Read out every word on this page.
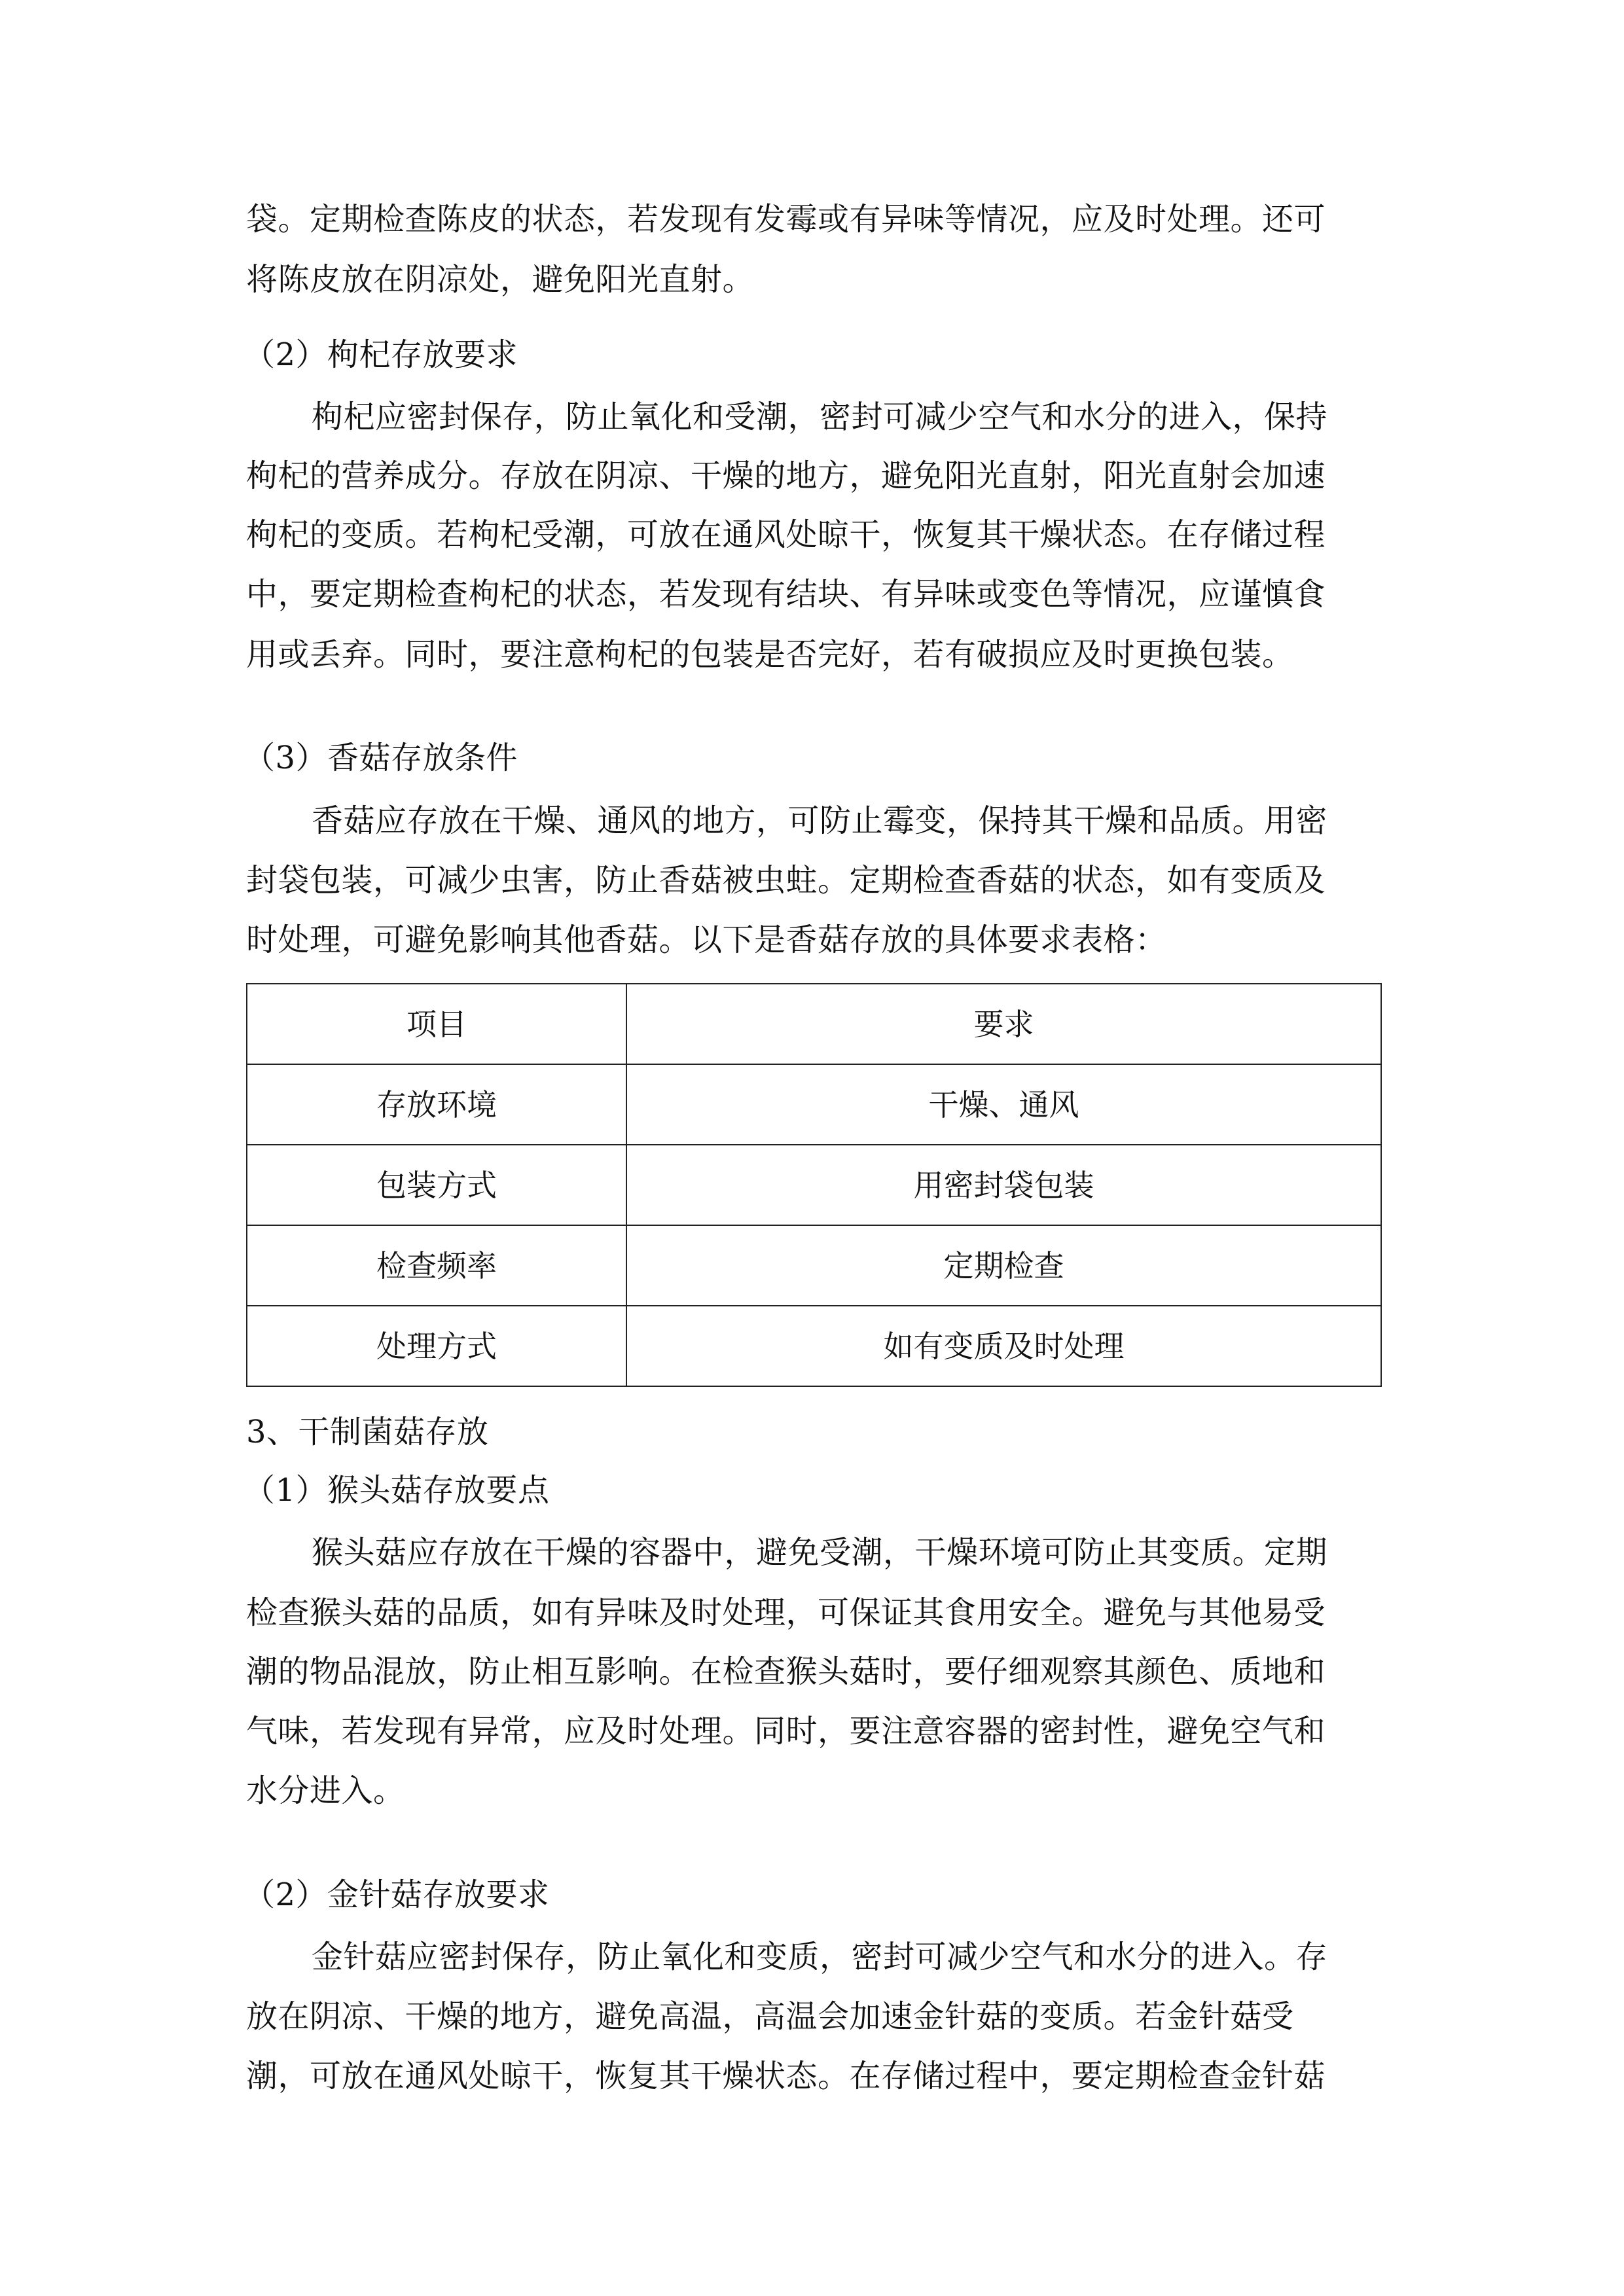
袋。定期检查陈皮的状态，若发现有发霉或有异味等情况，应及时处理。还可
将陈皮放在阴凉处，避免阳光直射。
（2）枸杞存放要求
枸杞应密封保存，防止氧化和受潮，密封可减少空气和水分的进入，保持
枸杞的营养成分。存放在阴凉、干燥的地方，避免阳光直射，阳光直射会加速
枸杞的变质。若枸杞受潮，可放在通风处晾干，恢复其干燥状态。在存储过程
中，要定期检查枸杞的状态，若发现有结块、有异味或变色等情况，应谨慎食
用或丢弃。同时，要注意枸杞的包装是否完好，若有破损应及时更换包装。
（3）香菇存放条件
香菇应存放在干燥、通风的地方，可防止霉变，保持其干燥和品质。用密
封袋包装，可减少虫害，防止香菇被虫蛀。定期检查香菇的状态，如有变质及
时处理，可避免影响其他香菇。以下是香菇存放的具体要求表格：
项目	要求
存放环境	干燥、通风
包装方式	用密封袋包装
检查频率	定期检查
处理方式	如有变质及时处理
3、干制菌菇存放
（1）猴头菇存放要点
猴头菇应存放在干燥的容器中，避免受潮，干燥环境可防止其变质。定期
检查猴头菇的品质，如有异味及时处理，可保证其食用安全。避免与其他易受
潮的物品混放，防止相互影响。在检查猴头菇时，要仔细观察其颜色、质地和
气味，若发现有异常，应及时处理。同时，要注意容器的密封性，避免空气和
水分进入。
（2）金针菇存放要求
金针菇应密封保存，防止氧化和变质，密封可减少空气和水分的进入。存
放在阴凉、干燥的地方，避免高温，高温会加速金针菇的变质。若金针菇受
潮，可放在通风处晾干，恢复其干燥状态。在存储过程中，要定期检查金针菇
